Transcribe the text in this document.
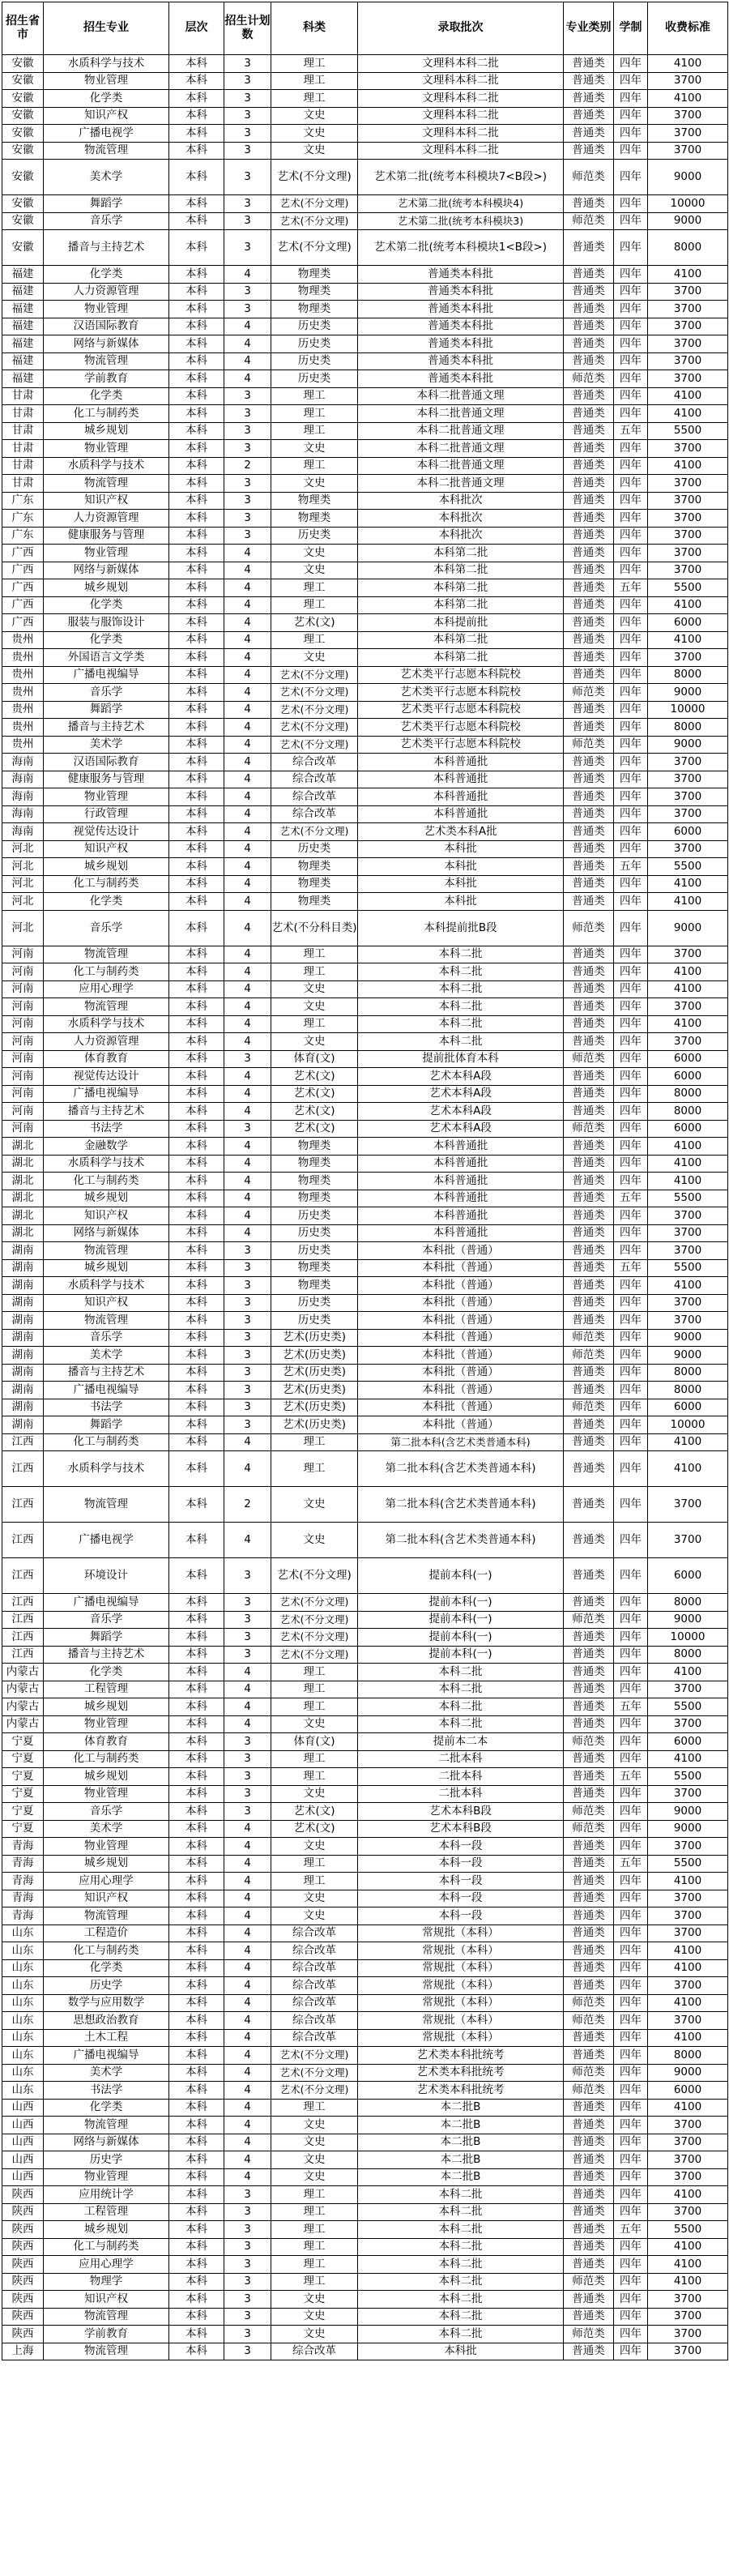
招生省市	招生专业	层次	招生计划数	科类	录取批次	专业类别	学制	收费标准
安徽	水质科学与技术	本科	3	理工	文理科本科二批	普通类	四年	4100
安徽	物业管理	本科	3	理工	文理科本科二批	普通类	四年	3700
安徽	化学类	本科	3	理工	文理科本科二批	普通类	四年	4100
安徽	知识产权	本科	3	文史	文理科本科二批	普通类	四年	3700
安徽	广播电视学	本科	3	文史	文理科本科二批	普通类	四年	3700
安徽	物流管理	本科	3	文史	文理科本科二批	普通类	四年	3700
安徽	美术学	本科	3	艺术(不分文理)	艺术第二批(统考本科模块7<B段>)	师范类	四年	9000
安徽	舞蹈学	本科	3	艺术(不分文理)	艺术第二批(统考本科模块4)	普通类	四年	10000
安徽	音乐学	本科	3	艺术(不分文理)	艺术第二批(统考本科模块3)	师范类	四年	9000
安徽	播音与主持艺术	本科	3	艺术(不分文理)	艺术第二批(统考本科模块1<B段>)	普通类	四年	8000
福建	化学类	本科	4	物理类	普通类本科批	普通类	四年	4100
福建	人力资源管理	本科	3	物理类	普通类本科批	普通类	四年	3700
福建	物业管理	本科	3	物理类	普通类本科批	普通类	四年	3700
福建	汉语国际教育	本科	4	历史类	普通类本科批	普通类	四年	3700
福建	网络与新媒体	本科	4	历史类	普通类本科批	普通类	四年	3700
福建	物流管理	本科	4	历史类	普通类本科批	普通类	四年	3700
福建	学前教育	本科	4	历史类	普通类本科批	师范类	四年	3700
甘肃	化学类	本科	3	理工	本科二批普通文理	普通类	四年	4100
甘肃	化工与制药类	本科	3	理工	本科二批普通文理	普通类	四年	4100
甘肃	城乡规划	本科	3	理工	本科二批普通文理	普通类	五年	5500
甘肃	物业管理	本科	3	文史	本科二批普通文理	普通类	四年	3700
甘肃	水质科学与技术	本科	2	理工	本科二批普通文理	普通类	四年	4100
甘肃	物流管理	本科	3	文史	本科二批普通文理	普通类	四年	3700
广东	知识产权	本科	3	物理类	本科批次	普通类	四年	3700
广东	人力资源管理	本科	3	物理类	本科批次	普通类	四年	3700
广东	健康服务与管理	本科	3	历史类	本科批次	普通类	四年	3700
广西	物业管理	本科	4	文史	本科第二批	普通类	四年	3700
广西	网络与新媒体	本科	4	文史	本科第二批	普通类	四年	3700
广西	城乡规划	本科	4	理工	本科第二批	普通类	五年	5500
广西	化学类	本科	4	理工	本科第二批	普通类	四年	4100
广西	服装与服饰设计	本科	4	艺术(文)	本科提前批	普通类	四年	6000
贵州	化学类	本科	4	理工	本科第二批	普通类	四年	4100
贵州	外国语言文学类	本科	4	文史	本科第二批	普通类	四年	3700
贵州	广播电视编导	本科	4	艺术(不分文理)	艺术类平行志愿本科院校	普通类	四年	8000
贵州	音乐学	本科	4	艺术(不分文理)	艺术类平行志愿本科院校	师范类	四年	9000
贵州	舞蹈学	本科	4	艺术(不分文理)	艺术类平行志愿本科院校	普通类	四年	10000
贵州	播音与主持艺术	本科	4	艺术(不分文理)	艺术类平行志愿本科院校	普通类	四年	8000
贵州	美术学	本科	4	艺术(不分文理)	艺术类平行志愿本科院校	师范类	四年	9000
海南	汉语国际教育	本科	4	综合改革	本科普通批	普通类	四年	3700
海南	健康服务与管理	本科	4	综合改革	本科普通批	普通类	四年	3700
海南	物业管理	本科	4	综合改革	本科普通批	普通类	四年	3700
海南	行政管理	本科	4	综合改革	本科普通批	普通类	四年	3700
海南	视觉传达设计	本科	4	艺术(不分文理)	艺术类本科A批	普通类	四年	6000
河北	知识产权	本科	4	历史类	本科批	普通类	四年	3700
河北	城乡规划	本科	4	物理类	本科批	普通类	五年	5500
河北	化工与制药类	本科	4	物理类	本科批	普通类	四年	4100
河北	化学类	本科	4	物理类	本科批	普通类	四年	4100
河北	音乐学	本科	4	艺术(不分科目类)	本科提前批B段	师范类	四年	9000
河南	物流管理	本科	4	理工	本科二批	普通类	四年	3700
河南	化工与制药类	本科	4	理工	本科二批	普通类	四年	4100
河南	应用心理学	本科	4	文史	本科二批	普通类	四年	4100
河南	物流管理	本科	4	文史	本科二批	普通类	四年	3700
河南	水质科学与技术	本科	4	理工	本科二批	普通类	四年	4100
河南	人力资源管理	本科	4	文史	本科二批	普通类	四年	3700
河南	体育教育	本科	3	体育(文)	提前批体育本科	师范类	四年	6000
河南	视觉传达设计	本科	4	艺术(文)	艺术本科A段	普通类	四年	6000
河南	广播电视编导	本科	4	艺术(文)	艺术本科A段	普通类	四年	8000
河南	播音与主持艺术	本科	4	艺术(文)	艺术本科A段	普通类	四年	8000
河南	书法学	本科	3	艺术(文)	艺术本科A段	师范类	四年	6000
湖北	金融数学	本科	4	物理类	本科普通批	普通类	四年	4100
湖北	水质科学与技术	本科	4	物理类	本科普通批	普通类	四年	4100
湖北	化工与制药类	本科	4	物理类	本科普通批	普通类	四年	4100
湖北	城乡规划	本科	4	物理类	本科普通批	普通类	五年	5500
湖北	知识产权	本科	4	历史类	本科普通批	普通类	四年	3700
湖北	网络与新媒体	本科	4	历史类	本科普通批	普通类	四年	3700
湖南	物流管理	本科	3	历史类	本科批（普通）	普通类	四年	3700
湖南	城乡规划	本科	3	物理类	本科批（普通）	普通类	五年	5500
湖南	水质科学与技术	本科	3	物理类	本科批（普通）	普通类	四年	4100
湖南	知识产权	本科	3	历史类	本科批（普通）	普通类	四年	3700
湖南	物流管理	本科	3	历史类	本科批（普通）	普通类	四年	3700
湖南	音乐学	本科	3	艺术(历史类)	本科批（普通）	师范类	四年	9000
湖南	美术学	本科	3	艺术(历史类)	本科批（普通）	师范类	四年	9000
湖南	播音与主持艺术	本科	3	艺术(历史类)	本科批（普通）	普通类	四年	8000
湖南	广播电视编导	本科	3	艺术(历史类)	本科批（普通）	普通类	四年	8000
湖南	书法学	本科	3	艺术(历史类)	本科批（普通）	师范类	四年	6000
湖南	舞蹈学	本科	3	艺术(历史类)	本科批（普通）	普通类	四年	10000
江西	化工与制药类	本科	4	理工	第二批本科(含艺术类普通本科)	普通类	四年	4100
江西	水质科学与技术	本科	4	理工	第二批本科(含艺术类普通本科)	普通类	四年	4100
江西	物流管理	本科	2	文史	第二批本科(含艺术类普通本科)	普通类	四年	3700
江西	广播电视学	本科	4	文史	第二批本科(含艺术类普通本科)	普通类	四年	3700
江西	环境设计	本科	3	艺术(不分文理)	提前本科(一)	普通类	四年	6000
江西	广播电视编导	本科	3	艺术(不分文理)	提前本科(一)	普通类	四年	8000
江西	音乐学	本科	3	艺术(不分文理)	提前本科(一)	师范类	四年	9000
江西	舞蹈学	本科	3	艺术(不分文理)	提前本科(一)	普通类	四年	10000
江西	播音与主持艺术	本科	3	艺术(不分文理)	提前本科(一)	普通类	四年	8000
内蒙古	化学类	本科	4	理工	本科二批	普通类	四年	4100
内蒙古	工程管理	本科	4	理工	本科二批	普通类	四年	3700
内蒙古	城乡规划	本科	4	理工	本科二批	普通类	五年	5500
内蒙古	物业管理	本科	4	文史	本科二批	普通类	四年	3700
宁夏	体育教育	本科	3	体育(文)	提前本二本	师范类	四年	6000
宁夏	化工与制药类	本科	3	理工	二批本科	普通类	四年	4100
宁夏	城乡规划	本科	3	理工	二批本科	普通类	五年	5500
宁夏	物业管理	本科	3	文史	二批本科	普通类	四年	3700
宁夏	音乐学	本科	3	艺术(文)	艺术本科B段	师范类	四年	9000
宁夏	美术学	本科	4	艺术(文)	艺术本科B段	师范类	四年	9000
青海	物业管理	本科	4	文史	本科一段	普通类	四年	3700
青海	城乡规划	本科	4	理工	本科一段	普通类	五年	5500
青海	应用心理学	本科	4	理工	本科一段	普通类	四年	4100
青海	知识产权	本科	4	文史	本科一段	普通类	四年	3700
青海	物流管理	本科	4	文史	本科一段	普通类	四年	3700
山东	工程造价	本科	4	综合改革	常规批（本科）	普通类	四年	3700
山东	化工与制药类	本科	4	综合改革	常规批（本科）	普通类	四年	4100
山东	化学类	本科	4	综合改革	常规批（本科）	普通类	四年	4100
山东	历史学	本科	4	综合改革	常规批（本科）	普通类	四年	3700
山东	数学与应用数学	本科	4	综合改革	常规批（本科）	师范类	四年	4100
山东	思想政治教育	本科	4	综合改革	常规批（本科）	师范类	四年	3700
山东	土木工程	本科	4	综合改革	常规批（本科）	普通类	四年	4100
山东	广播电视编导	本科	4	艺术(不分文理)	艺术类本科批统考	普通类	四年	8000
山东	美术学	本科	4	艺术(不分文理)	艺术类本科批统考	师范类	四年	9000
山东	书法学	本科	4	艺术(不分文理)	艺术类本科批统考	师范类	四年	6000
山西	化学类	本科	4	理工	本二批B	普通类	四年	4100
山西	物流管理	本科	4	文史	本二批B	普通类	四年	3700
山西	网络与新媒体	本科	4	文史	本二批B	普通类	四年	3700
山西	历史学	本科	4	文史	本二批B	普通类	四年	3700
山西	物业管理	本科	4	文史	本二批B	普通类	四年	3700
陕西	应用统计学	本科	3	理工	本科二批	普通类	四年	4100
陕西	工程管理	本科	3	理工	本科二批	普通类	四年	3700
陕西	城乡规划	本科	3	理工	本科二批	普通类	五年	5500
陕西	化工与制药类	本科	3	理工	本科二批	普通类	四年	4100
陕西	应用心理学	本科	3	理工	本科二批	普通类	四年	4100
陕西	物理学	本科	3	理工	本科二批	师范类	四年	4100
陕西	知识产权	本科	3	文史	本科二批	普通类	四年	3700
陕西	物流管理	本科	3	文史	本科二批	普通类	四年	3700
陕西	学前教育	本科	3	文史	本科二批	师范类	四年	3700
上海	物流管理	本科	3	综合改革	本科批	普通类	四年	3700
